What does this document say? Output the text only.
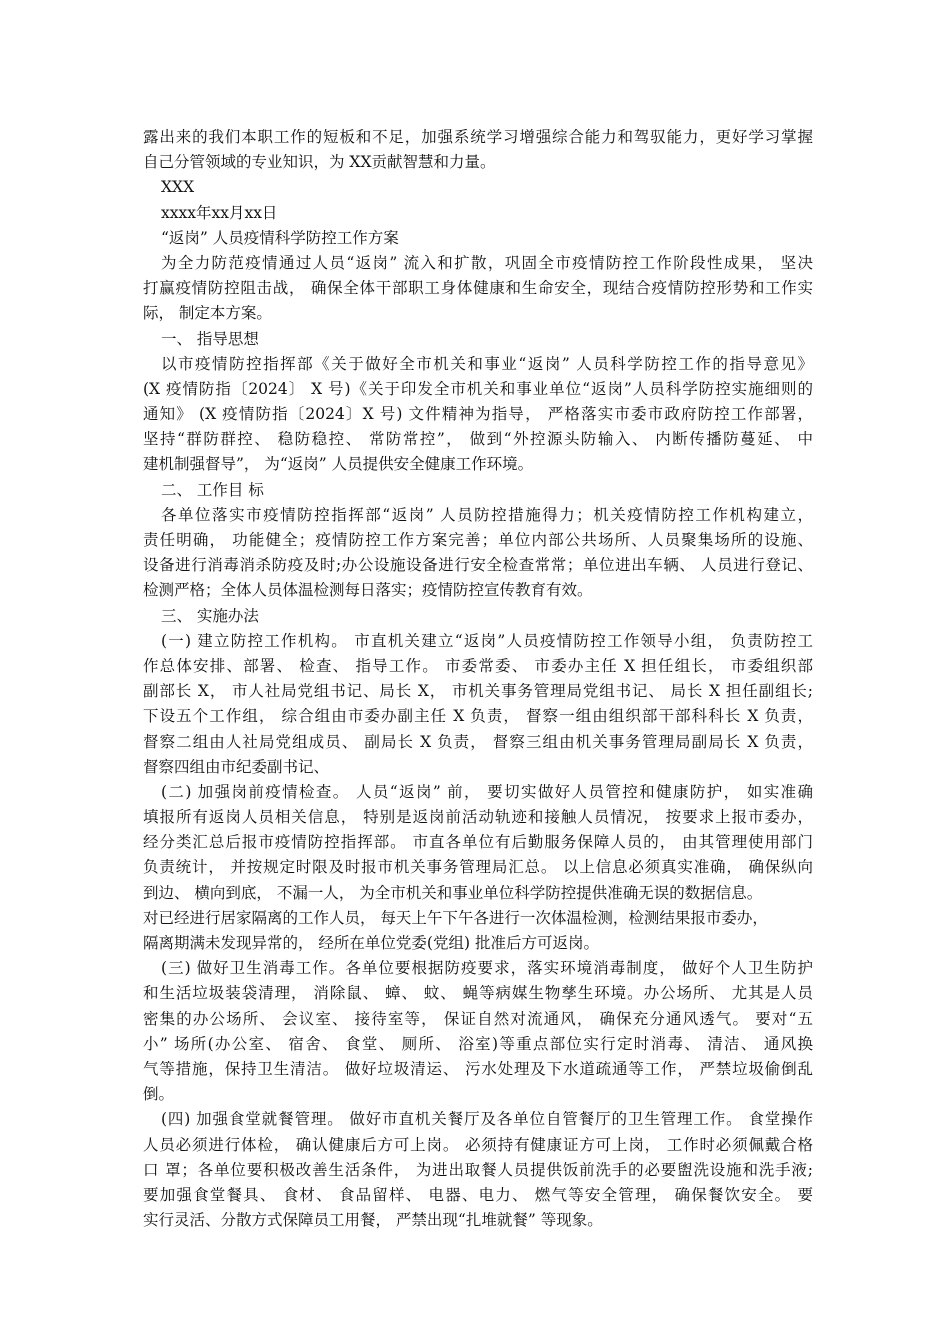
露出来的我们本职工作的短板和不足，加强系统学习增强综合能力和驾驭能力，更好学习掌握
自己分管领域的专业知识，为 XX贡献智慧和力量。
XXX
xxxx年xx月xx日
“返岗” 人员疫情科学防控工作方案
为全力防范疫情通过人员“返岗” 流入和扩散，巩固全市疫情防控工作阶段性成果， 坚决
打赢疫情防控阻击战， 确保全体干部职工身体健康和生命安全，现结合疫情防控形势和工作实
际， 制定本方案。
一、 指导思想
以市疫情防控指挥部《关于做好全市机关和事业“返岗” 人员科学防控工作的指导意见》
(X 疫情防指〔2024〕 X 号)《关于印发全市机关和事业单位“返岗”人员科学防控实施细则的
通知》 (X 疫情防指〔2024〕X 号) 文件精神为指导， 严格落实市委市政府防控工作部署，
坚持“群防群控、 稳防稳控、 常防常控”， 做到“外控源头防输入、 内断传播防蔓延、 中
建机制强督导”， 为“返岗” 人员提供安全健康工作环境。
二、 工作目 标
各单位落实市疫情防控指挥部“返岗” 人员防控措施得力；机关疫情防控工作机构建立，
责任明确， 功能健全；疫情防控工作方案完善；单位内部公共场所、人员聚集场所的设施、
设备进行消毒消杀防疫及时;办公设施设备进行安全检查常常；单位进出车辆、 人员进行登记、
检测严格；全体人员体温检测每日落实；疫情防控宣传教育有效。
三、 实施办法
(一) 建立防控工作机构。 市直机关建立“返岗”人员疫情防控工作领导小组， 负责防控工
作总体安排、部署、 检查、 指导工作。 市委常委、 市委办主任 X 担任组长， 市委组织部
副部长 X， 市人社局党组书记、局长 X， 市机关事务管理局党组书记、 局长 X 担任副组长;
下设五个工作组， 综合组由市委办副主任 X 负责， 督察一组由组织部干部科科长 X 负责，
督察二组由人社局党组成员、 副局长 X 负责， 督察三组由机关事务管理局副局长 X 负责，
督察四组由市纪委副书记、
(二) 加强岗前疫情检查。 人员“返岗” 前， 要切实做好人员管控和健康防护， 如实准确
填报所有返岗人员相关信息， 特别是返岗前活动轨迹和接触人员情况， 按要求上报市委办，
经分类汇总后报市疫情防控指挥部。 市直各单位有后勤服务保障人员的， 由其管理使用部门
负责统计， 并按规定时限及时报市机关事务管理局汇总。 以上信息必须真实准确， 确保纵向
到边、 横向到底， 不漏一人， 为全市机关和事业单位科学防控提供准确无误的数据信息。
对已经进行居家隔离的工作人员， 每天上午下午各进行一次体温检测，检测结果报市委办，
隔离期满未发现异常的， 经所在单位党委(党组) 批准后方可返岗。
(三) 做好卫生消毒工作。各单位要根据防疫要求，落实环境消毒制度， 做好个人卫生防护
和生活垃圾装袋清理， 消除鼠、 蟑、 蚊、 蝇等病媒生物孳生环境。办公场所、 尤其是人员
密集的办公场所、 会议室、 接待室等， 保证自然对流通风， 确保充分通风透气。 要对“五
小” 场所(办公室、 宿舍、 食堂、 厕所、 浴室)等重点部位实行定时消毒、 清洁、 通风换
气等措施，保持卫生清洁。 做好垃圾清运、 污水处理及下水道疏通等工作， 严禁垃圾偷倒乱
倒。
(四) 加强食堂就餐管理。 做好市直机关餐厅及各单位自管餐厅的卫生管理工作。 食堂操作
人员必须进行体检， 确认健康后方可上岗。 必须持有健康证方可上岗， 工作时必须佩戴合格
口 罩；各单位要积极改善生活条件， 为进出取餐人员提供饭前洗手的必要盥洗设施和洗手液;
要加强食堂餐具、 食材、 食品留样、 电器、电力、 燃气等安全管理， 确保餐饮安全。 要
实行灵活、分散方式保障员工用餐， 严禁出现“扎堆就餐” 等现象。
